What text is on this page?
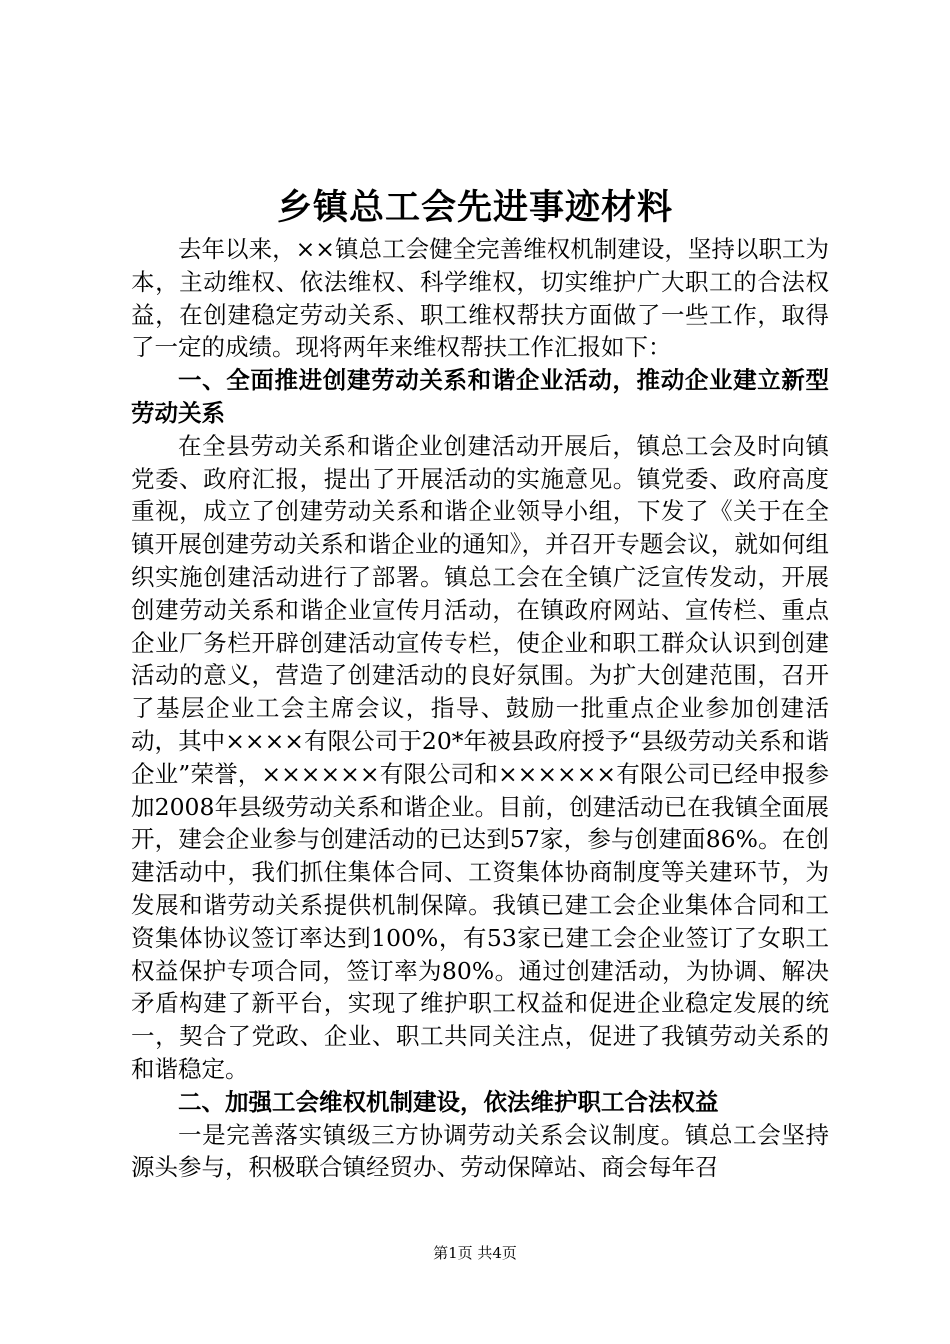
乡镇总工会先进事迹材料

去年以来，××镇总工会健全完善维权机制建设，坚持以职工为本，主动维权、依法维权、科学维权，切实维护广大职工的合法权益，在创建稳定劳动关系、职工维权帮扶方面做了一些工作，取得了一定的成绩。现将两年来维权帮扶工作汇报如下：

一、全面推进创建劳动关系和谐企业活动，推动企业建立新型劳动关系

在全县劳动关系和谐企业创建活动开展后，镇总工会及时向镇党委、政府汇报，提出了开展活动的实施意见。镇党委、政府高度重视，成立了创建劳动关系和谐企业领导小组，下发了《关于在全镇开展创建劳动关系和谐企业的通知》，并召开专题会议，就如何组织实施创建活动进行了部署。镇总工会在全镇广泛宣传发动，开展创建劳动关系和谐企业宣传月活动，在镇政府网站、宣传栏、重点企业厂务栏开辟创建活动宣传专栏，使企业和职工群众认识到创建活动的意义，营造了创建活动的良好氛围。为扩大创建范围，召开了基层企业工会主席会议，指导、鼓励一批重点企业参加创建活动，其中××××有限公司于20*年被县政府授予“县级劳动关系和谐企业”荣誉，××××××有限公司和××××××有限公司已经申报参加2008年县级劳动关系和谐企业。目前，创建活动已在我镇全面展开，建会企业参与创建活动的已达到57家，参与创建面86%。在创建活动中，我们抓住集体合同、工资集体协商制度等关建环节，为发展和谐劳动关系提供机制保障。我镇已建工会企业集体合同和工资集体协议签订率达到100%，有53家已建工会企业签订了女职工权益保护专项合同，签订率为80%。通过创建活动，为协调、解决矛盾构建了新平台，实现了维护职工权益和促进企业稳定发展的统一，契合了党政、企业、职工共同关注点，促进了我镇劳动关系的和谐稳定。

二、加强工会维权机制建设，依法维护职工合法权益

一是完善落实镇级三方协调劳动关系会议制度。镇总工会坚持源头参与，积极联合镇经贸办、劳动保障站、商会每年召

第1页 共4页
